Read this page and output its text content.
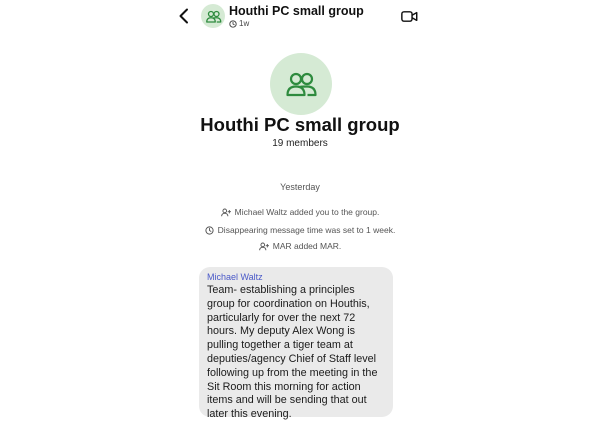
Houthi PC small group
1w
Houthi PC small group
19 members
Yesterday
Michael Waltz added you to the group.
Disappearing message time was set to 1 week.
MAR added MAR.
Michael Waltz
Team- establishing a principles group for coordination on Houthis, particularly for over the next 72 hours. My deputy Alex Wong is pulling together a tiger team at deputies/agency Chief of Staff level following up from the meeting in the Sit Room this morning for action items and will be sending that out later this evening.
